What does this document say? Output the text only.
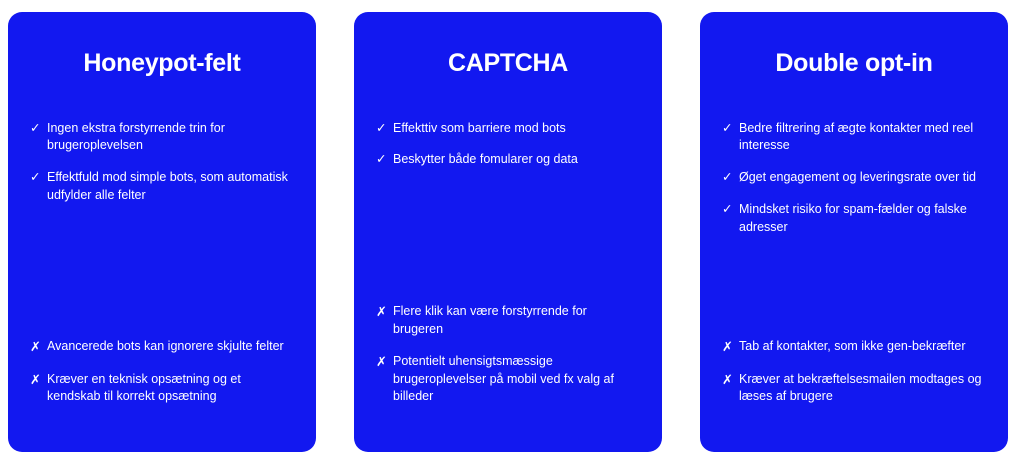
Honeypot-felt
✓ Ingen ekstra forstyrrende trin for brugeroplevelsen
✓ Effektfuld mod simple bots, som automatisk udfylder alle felter
✗ Avancerede bots kan ignorere skjulte felter
✗ Kræver en teknisk opsætning og et kendskab til korrekt opsætning
CAPTCHA
✓ Effekttiv som barriere mod bots
✓ Beskytter både fomularer og data
✗ Flere klik kan være forstyrrende for brugeren
✗ Potentielt uhensigtsmæssige brugeroplevelser på mobil ved fx valg af billeder
Double opt-in
✓ Bedre filtrering af ægte kontakter med reel interesse
✓ Øget engagement og leveringsrate over tid
✓ Mindsket risiko for spam-fælder og falske adresser
✗ Tab af kontakter, som ikke gen-bekræfter
✗ Kræver at bekræftelsesmailen modtages og læses af brugere
